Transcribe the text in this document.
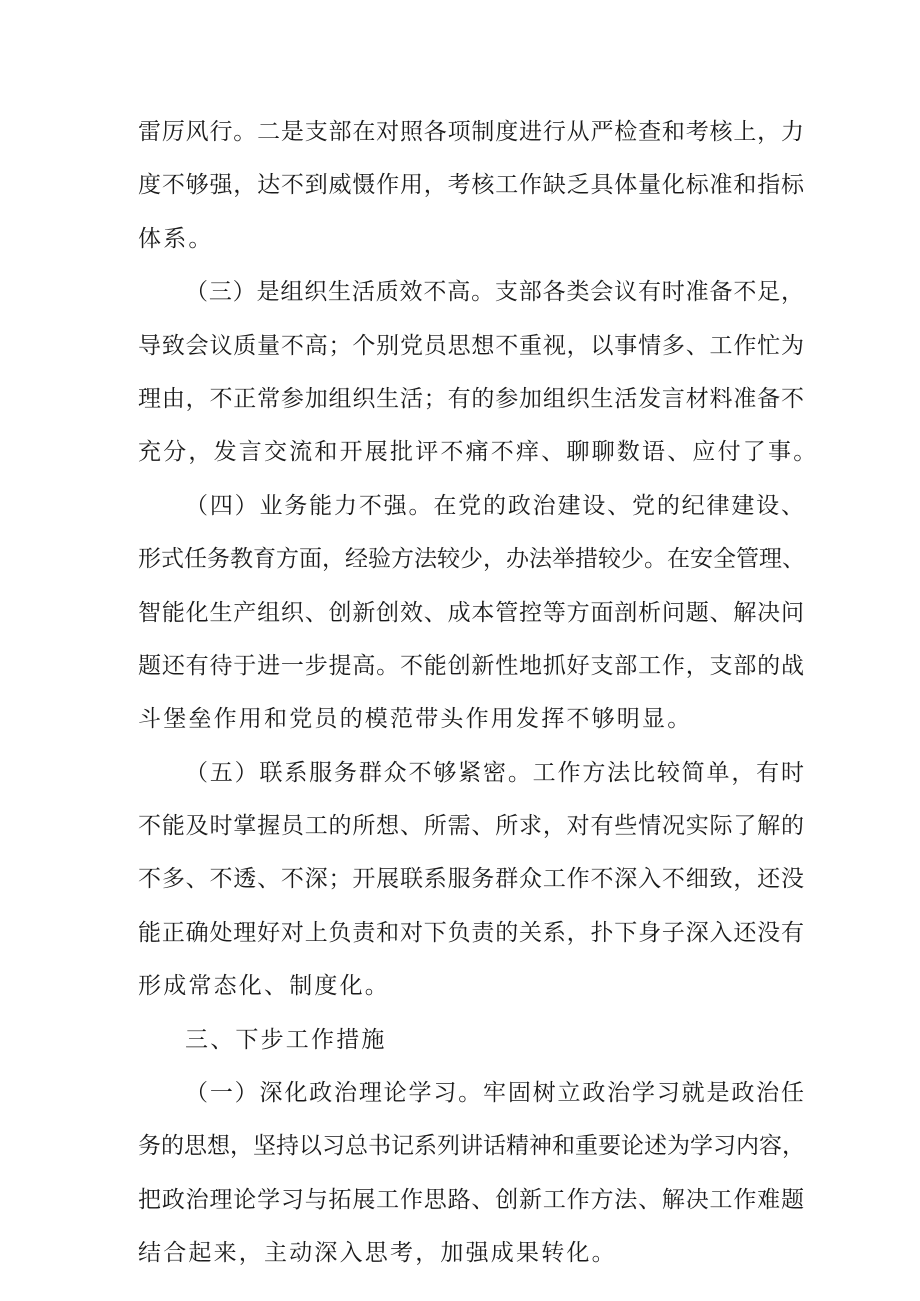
雷厉风行。二是支部在对照各项制度进行从严检查和考核上，力
度不够强，达不到威慑作用，考核工作缺乏具体量化标准和指标
体系。
（三）是组织生活质效不高。支部各类会议有时准备不足，
导致会议质量不高；个别党员思想不重视，以事情多、工作忙为
理由，不正常参加组织生活；有的参加组织生活发言材料准备不
充分，发言交流和开展批评不痛不痒、聊聊数语、应付了事。
（四）业务能力不强。在党的政治建设、党的纪律建设、
形式任务教育方面，经验方法较少，办法举措较少。在安全管理、
智能化生产组织、创新创效、成本管控等方面剖析问题、解决问
题还有待于进一步提高。不能创新性地抓好支部工作，支部的战
斗堡垒作用和党员的模范带头作用发挥不够明显。
（五）联系服务群众不够紧密。工作方法比较简单，有时
不能及时掌握员工的所想、所需、所求，对有些情况实际了解的
不多、不透、不深；开展联系服务群众工作不深入不细致，还没
能正确处理好对上负责和对下负责的关系，扑下身子深入还没有
形成常态化、制度化。
三、下步工作措施
（一）深化政治理论学习。牢固树立政治学习就是政治任
务的思想，坚持以习总书记系列讲话精神和重要论述为学习内容，
把政治理论学习与拓展工作思路、创新工作方法、解决工作难题
结合起来，主动深入思考，加强成果转化。
